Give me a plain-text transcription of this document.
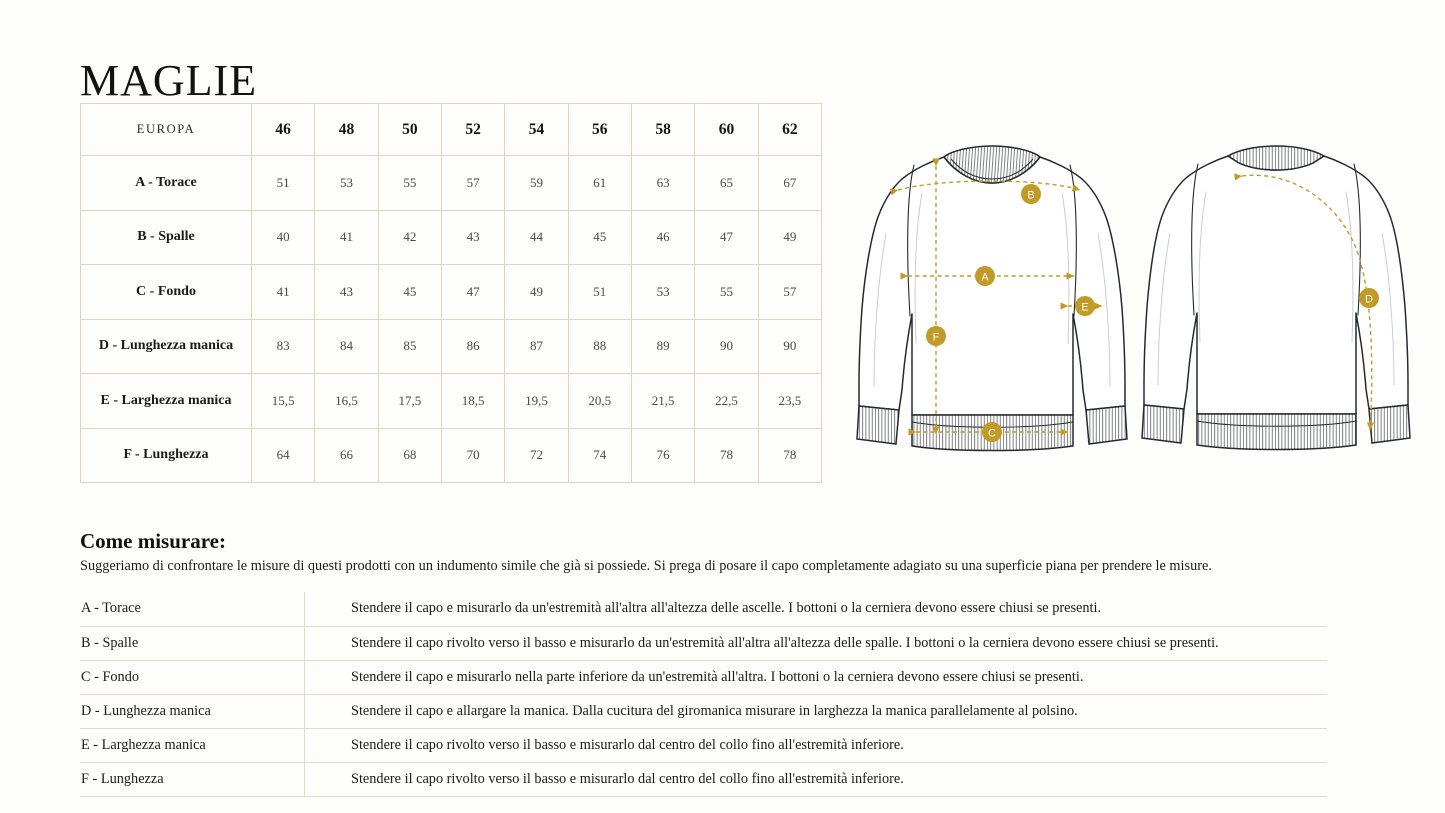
MAGLIE
EUROPA	46	48	50	52	54	56	58	60	62
A - Torace	51	53	55	57	59	61	63	65	67
B - Spalle	40	41	42	43	44	45	46	47	49
C - Fondo	41	43	45	47	49	51	53	55	57
D - Lunghezza manica	83	84	85	86	87	88	89	90	90
E - Larghezza manica	15,5	16,5	17,5	18,5	19,5	20,5	21,5	22,5	23,5
F - Lunghezza	64	66	68	70	72	74	76	78	78
B
A
E
F
C
D
Come misurare:
Suggeriamo di confrontare le misure di questi prodotti con un indumento simile che già si possiede. Si prega di posare il capo completamente adagiato su una superficie piana per prendere le misure.
A - Torace	Stendere il capo e misurarlo da un'estremità all'altra all'altezza delle ascelle. I bottoni o la cerniera devono essere chiusi se presenti.
B - Spalle	Stendere il capo rivolto verso il basso e misurarlo da un'estremità all'altra all'altezza delle spalle. I bottoni o la cerniera devono essere chiusi se presenti.
C - Fondo	Stendere il capo e misurarlo nella parte inferiore da un'estremità all'altra. I bottoni o la cerniera devono essere chiusi se presenti.
D - Lunghezza manica	Stendere il capo e allargare la manica. Dalla cucitura del giromanica misurare in larghezza la manica parallelamente al polsino.
E - Larghezza manica	Stendere il capo rivolto verso il basso e misurarlo dal centro del collo fino all'estremità inferiore.
F - Lunghezza	Stendere il capo rivolto verso il basso e misurarlo dal centro del collo fino all'estremità inferiore.
